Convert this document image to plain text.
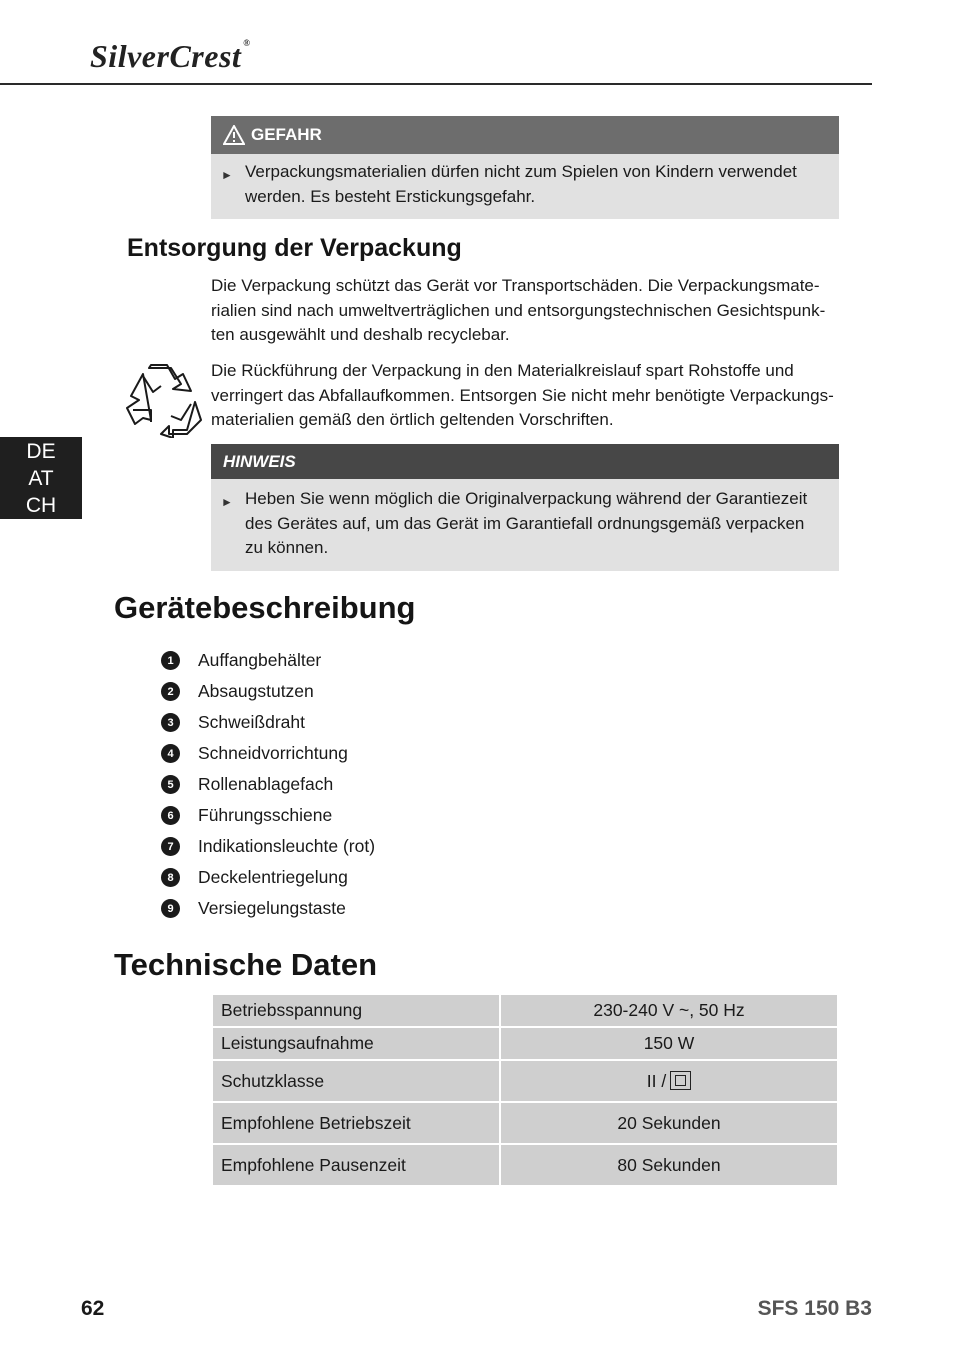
SilverCrest ®
DE
AT
CH
GEFAHR
► Verpackungsmaterialien dürfen nicht zum Spielen von Kindern verwendet werden. Es besteht Erstickungsgefahr.
Entsorgung der Verpackung

Die Verpackung schützt das Gerät vor Transportschäden. Die Verpackungsmate-rialien sind nach umweltverträglichen und entsorgungstechnischen Gesichtspunk-ten ausgewählt und deshalb recyclebar.

Die Rückführung der Verpackung in den Materialkreislauf spart Rohstoffe und verringert das Abfallaufkommen. Entsorgen Sie nicht mehr benötigte Verpackungs-materialien gemäß den örtlich geltenden Vorschriften.

HINWEIS
► Heben Sie wenn möglich die Originalverpackung während der Garantiezeit des Gerätes auf, um das Gerät im Garantiefall ordnungsgemäß verpacken zu können.
Gerätebeschreibung
1	Auffangbehälter
2	Absaugstutzen
3	Schweißdraht
4	Schneidvorrichtung
5	Rollenablagefach
6	Führungsschiene
7	Indikationsleuchte (rot)
8	Deckelentriegelung
9	Versiegelungstaste
Technische Daten
Betriebsspannung	230-240 V ~, 50 Hz
Leistungsaufnahme	150 W
Schutzklasse	II /

Empfohlene Betriebszeit	20 Sekunden
Empfohlene Pausenzeit	80 Sekunden
62	SFS 150 B3
